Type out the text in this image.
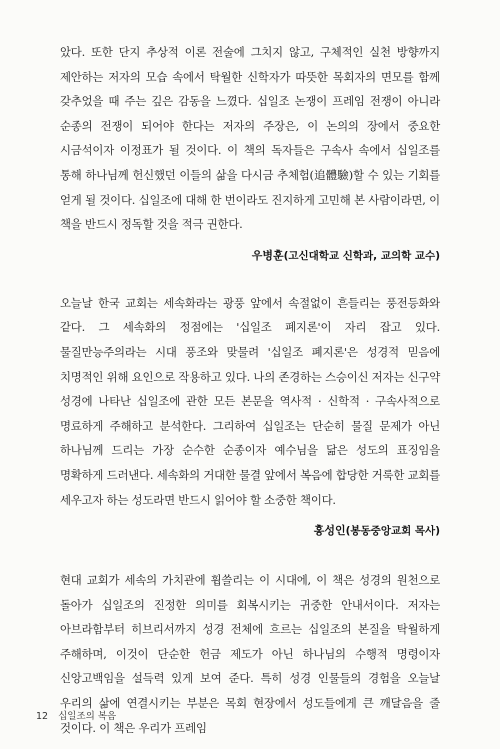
았다. 또한 단지 추상적 이론 전술에 그치지 않고, 구체적인 실천 방향까지 제안하는 저자의 모습 속에서 탁월한 신학자가 따뜻한 목회자의 면모를 함께 갖추었을 때 주는 깊은 감동을 느꼈다. 십일조 논쟁이 프레임 전쟁이 아니라 순종의 전쟁이 되어야 한다는 저자의 주장은, 이 논의의 장에서 중요한 시금석이자 이정표가 될 것이다. 이 책의 독자들은 구속사 속에서 십일조를 통해 하나님께 헌신했던 이들의 삶을 다시금 추체험(追體驗)할 수 있는 기회를 얻게 될 것이다. 십일조에 대해 한 번이라도 진지하게 고민해 본 사람이라면, 이 책을 반드시 정독할 것을 적극 권한다.

우병훈(고신대학교 신학과, 교의학 교수)

오늘날 한국 교회는 세속화라는 광풍 앞에서 속절없이 흔들리는 풍전등화와 같다. 그 세속화의 정점에는 '십일조 폐지론'이 자리 잡고 있다. 물질만능주의라는 시대 풍조와 맞물려 '십일조 폐지론'은 성경적 믿음에 치명적인 위해 요인으로 작용하고 있다. 나의 존경하는 스승이신 저자는 신구약 성경에 나타난 십일조에 관한 모든 본문을 역사적 · 신학적 · 구속사적으로 명료하게 주해하고 분석한다. 그리하여 십일조는 단순히 물질 문제가 아닌 하나님께 드리는 가장 순수한 순종이자 예수님을 닮은 성도의 표징임을 명확하게 드러낸다. 세속화의 거대한 물결 앞에서 복음에 합당한 거룩한 교회를 세우고자 하는 성도라면 반드시 읽어야 할 소중한 책이다.

홍성인(봉동중앙교회 목사)

현대 교회가 세속의 가치관에 휩쓸리는 이 시대에, 이 책은 성경의 원천으로 돌아가 십일조의 진정한 의미를 회복시키는 귀중한 안내서이다. 저자는 아브라함부터 히브리서까지 성경 전체에 흐르는 십일조의 본질을 탁월하게 주해하며, 이것이 단순한 헌금 제도가 아닌 하나님의 수행적 명령이자 신앙고백임을 설득력 있게 보여 준다. 특히 성경 인물들의 경험을 오늘날 우리의 삶에 연결시키는 부분은 목회 현장에서 성도들에게 큰 깨달음을 줄 것이다. 이 책은 우리가 프레임

12 십일조의 복음
